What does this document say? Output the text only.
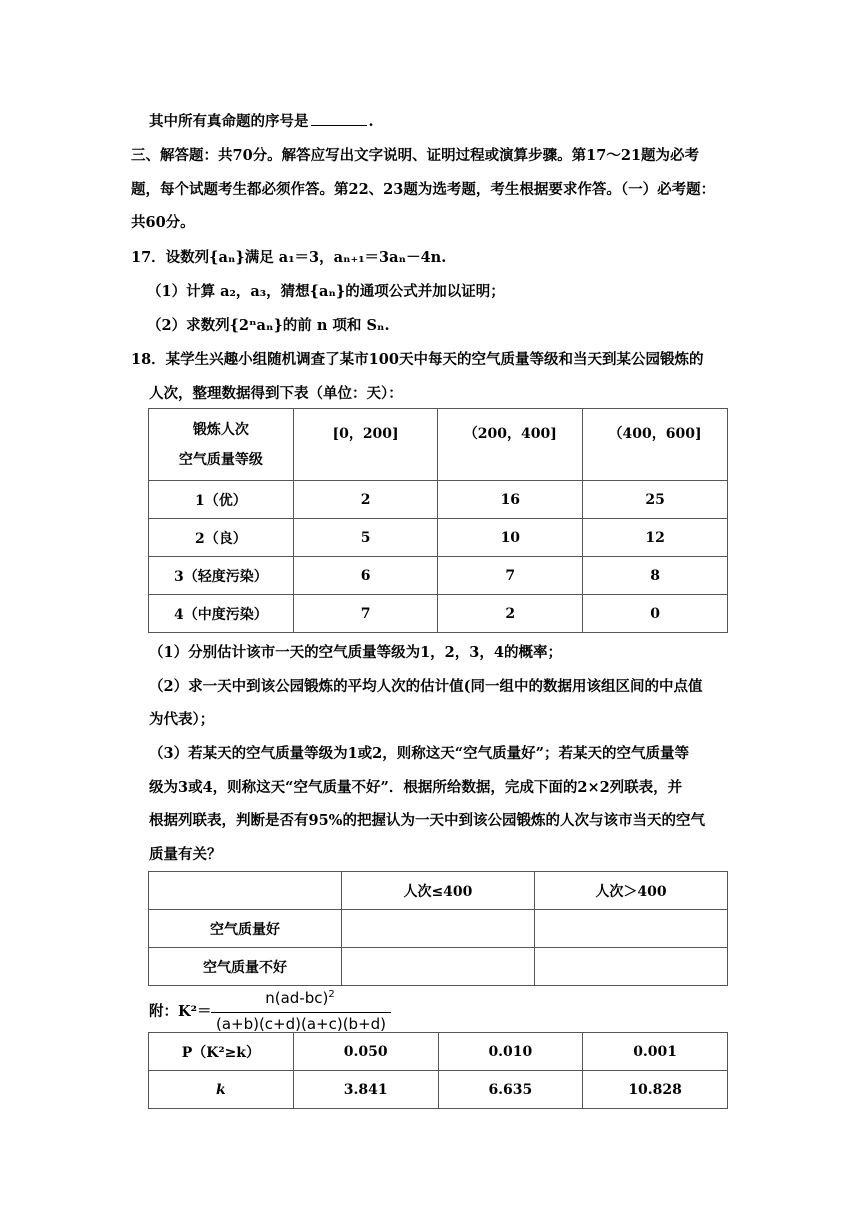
其中所有真命题的序号是	.
三、解答题：共70分。解答应写出文字说明、证明过程或演算步骤。第17～21题为必考
题，每个试题考生都必须作答。第22、23题为选考题，考生根据要求作答。（一）必考题：
共60分。
17．设数列{aₙ}满足 a₁＝3，aₙ₊₁＝3aₙ－4n.
（1）计算 a₂，a₃，猜想{aₙ}的通项公式并加以证明；
（2）求数列{2ⁿaₙ}的前 n 项和 Sₙ.
18．某学生兴趣小组随机调查了某市100天中每天的空气质量等级和当天到某公园锻炼的
人次，整理数据得到下表（单位：天）：
锻炼人次
空气质量等级	[0，200]	（200，400]	（400，600]
1（优）	2	16	25
2（良）	5	10	12
3（轻度污染）	6	7	8
4（中度污染）	7	2	0
（1）分别估计该市一天的空气质量等级为1，2，3，4的概率；
（2）求一天中到该公园锻炼的平均人次的估计值(同一组中的数据用该组区间的中点值
为代表）；
（3）若某天的空气质量等级为1或2，则称这天“空气质量好”；若某天的空气质量等
级为3或4，则称这天“空气质量不好”．根据所给数据，完成下面的2×2列联表，并
根据列联表，判断是否有95%的把握认为一天中到该公园锻炼的人次与该市当天的空气
质量有关？
	人次≤400	人次＞400
空气质量好		
空气质量不好		
附：K²＝
$n(ad-bc)^2$
(a+b)(c+d)(a+c)(b+d)
P（K²≥k）	0.050	0.010	0.001
k	3.841	6.635	10.828
